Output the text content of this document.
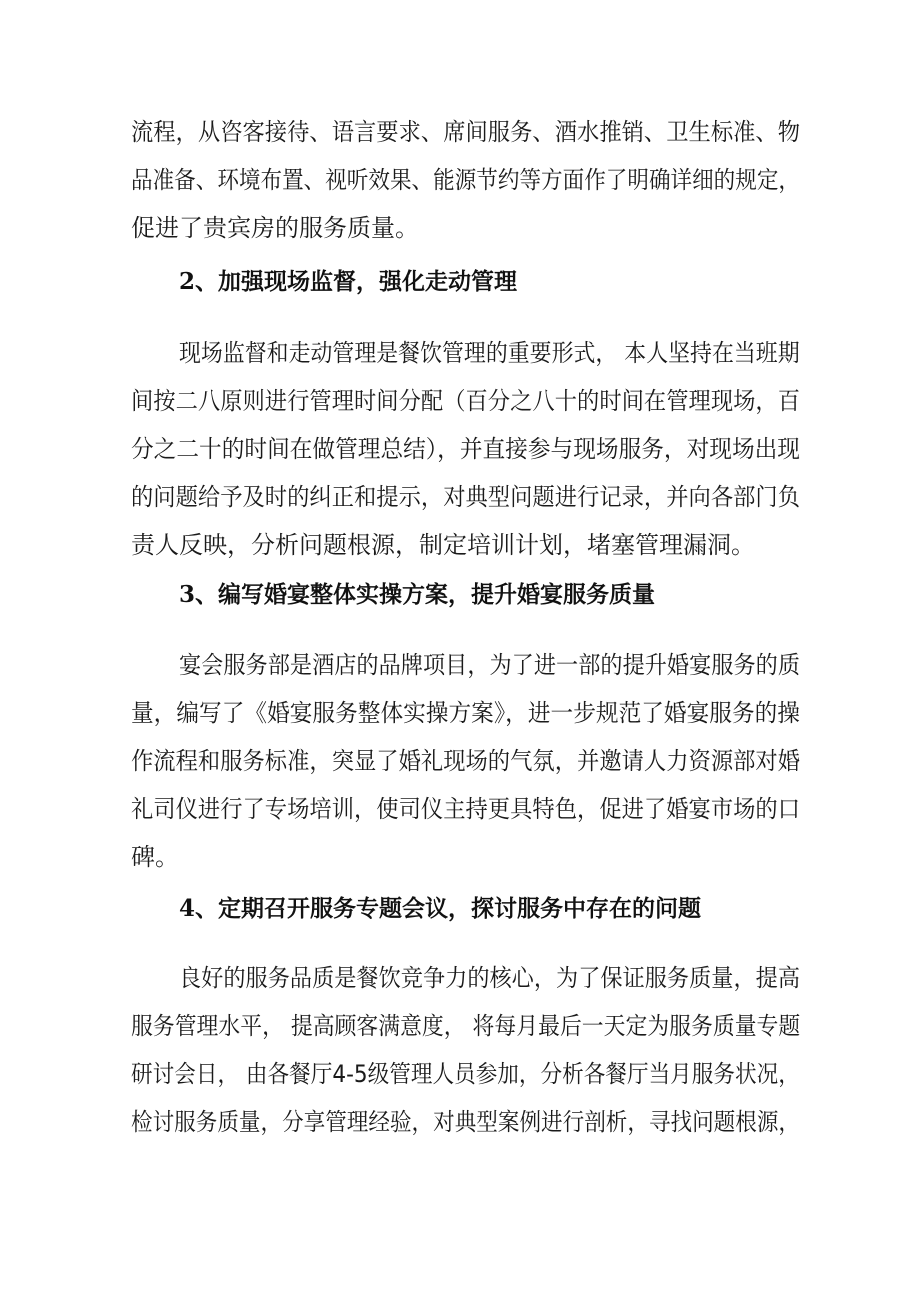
流程，从咨客接待、语言要求、席间服务、酒水推销、卫生标准、物
品准备、环境布置、视听效果、能源节约等方面作了明确详细的规定，
促进了贵宾房的服务质量。
2、加强现场监督，强化走动管理
现场监督和走动管理是餐饮管理的重要形式， 本人坚持在当班期
间按二八原则进行管理时间分配（百分之八十的时间在管理现场，百
分之二十的时间在做管理总结），并直接参与现场服务，对现场出现
的问题给予及时的纠正和提示，对典型问题进行记录，并向各部门负
责人反映，分析问题根源，制定培训计划，堵塞管理漏洞。
3、编写婚宴整体实操方案，提升婚宴服务质量
宴会服务部是酒店的品牌项目，为了进一部的提升婚宴服务的质
量，编写了《婚宴服务整体实操方案》，进一步规范了婚宴服务的操
作流程和服务标准，突显了婚礼现场的气氛，并邀请人力资源部对婚
礼司仪进行了专场培训，使司仪主持更具特色，促进了婚宴市场的口
碑。
4、定期召开服务专题会议，探讨服务中存在的问题
良好的服务品质是餐饮竞争力的核心，为了保证服务质量，提高
服务管理水平， 提高顾客满意度， 将每月最后一天定为服务质量专题
研讨会日， 由各餐厅4-5级管理人员参加，分析各餐厅当月服务状况，
检讨服务质量，分享管理经验，对典型案例进行剖析，寻找问题根源，
